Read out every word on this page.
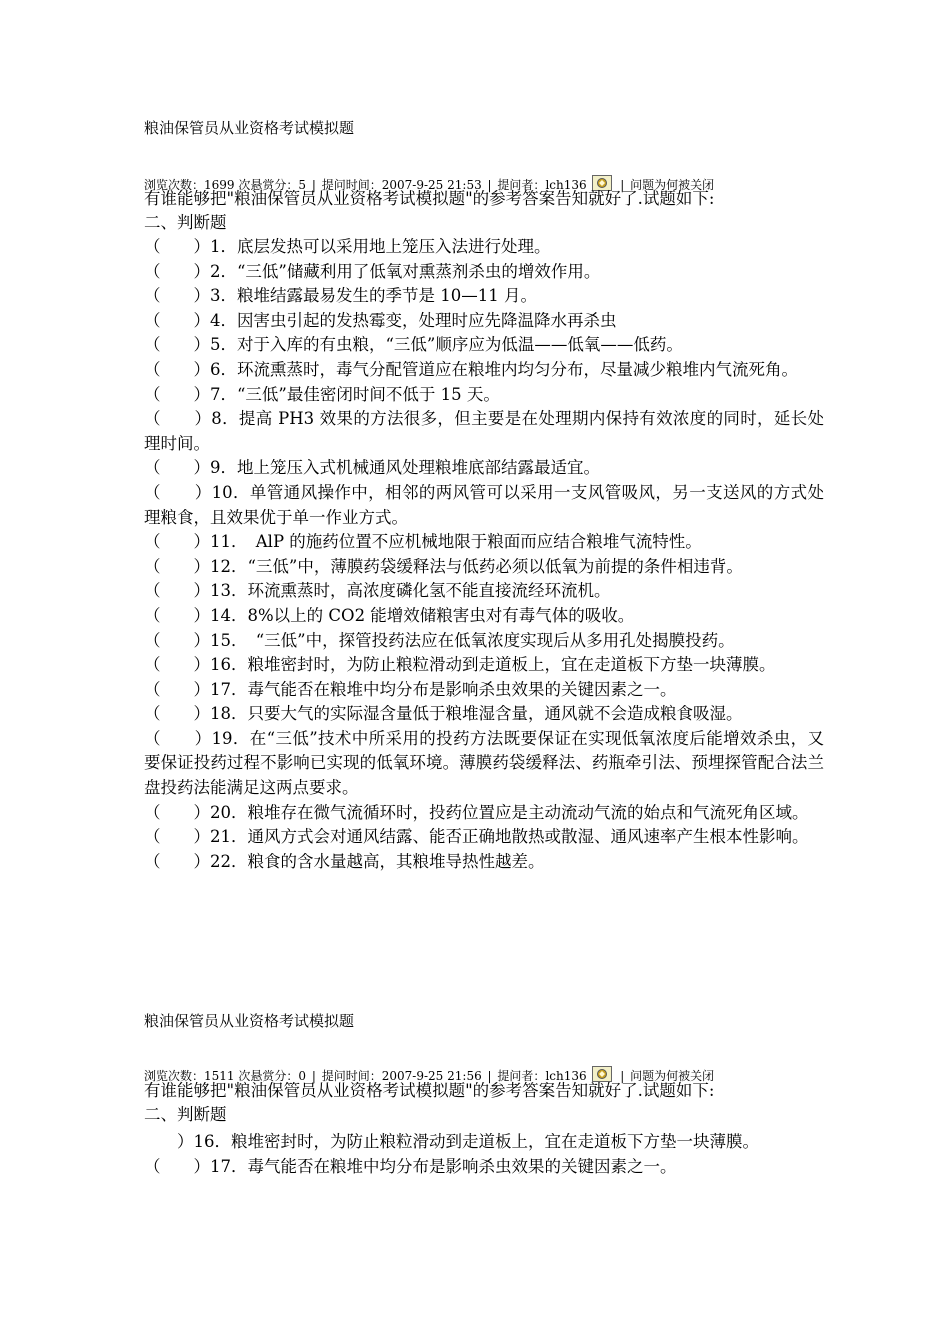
粮油保管员从业资格考试模拟题
浏览次数：1699 次悬赏分：5 | 提问时间：2007-9-25 21:53 | 提问者：lch136	| 问题为何被关闭
有谁能够把"粮油保管员从业资格考试模拟题"的参考答案告知就好了.试题如下:
二、判断题
（　　）1．底层发热可以采用地上笼压入法进行处理。
（　　）2．“三低”储藏利用了低氧对熏蒸剂杀虫的增效作用。
（　　）3．粮堆结露最易发生的季节是 10—11 月。
（　　）4．因害虫引起的发热霉变，处理时应先降温降水再杀虫
（　　）5．对于入库的有虫粮，“三低”顺序应为低温——低氧——低药。
（　　）6．环流熏蒸时，毒气分配管道应在粮堆内均匀分布，尽量减少粮堆内气流死角。
（　　）7．“三低”最佳密闭时间不低于 15 天。
（　　）8．提高 PH3 效果的方法很多，但主要是在处理期内保持有效浓度的同时，延长处理时间。
（　　）9．地上笼压入式机械通风处理粮堆底部结露最适宜。
（　　）10．单管通风操作中，相邻的两风管可以采用一支风管吸风，另一支送风的方式处理粮食，且效果优于单一作业方式。
（　　）11．　AlP 的施药位置不应机械地限于粮面而应结合粮堆气流特性。
（　　）12．“三低”中，薄膜药袋缓释法与低药必须以低氧为前提的条件相违背。
（　　）13．环流熏蒸时，高浓度磷化氢不能直接流经环流机。
（　　）14．8%以上的 CO2 能增效储粮害虫对有毒气体的吸收。
（　　）15．　“三低”中，探管投药法应在低氧浓度实现后从多用孔处揭膜投药。
（　　）16．粮堆密封时，为防止粮粒滑动到走道板上，宜在走道板下方垫一块薄膜。
（　　）17．毒气能否在粮堆中均分布是影响杀虫效果的关键因素之一。
（　　）18．只要大气的实际湿含量低于粮堆湿含量，通风就不会造成粮食吸湿。
（　　）19．在“三低”技术中所采用的投药方法既要保证在实现低氧浓度后能增效杀虫，又要保证投药过程不影响已实现的低氧环境。薄膜药袋缓释法、药瓶牵引法、预埋探管配合法兰盘投药法能满足这两点要求。
（　　）20．粮堆存在微气流循环时，投药位置应是主动流动气流的始点和气流死角区域。
（　　）21．通风方式会对通风结露、能否正确地散热或散湿、通风速率产生根本性影响。
（　　）22．粮食的含水量越高，其粮堆导热性越差。
粮油保管员从业资格考试模拟题
浏览次数：1511 次悬赏分：0 | 提问时间：2007-9-25 21:56 | 提问者：lch136	| 问题为何被关闭
有谁能够把"粮油保管员从业资格考试模拟题"的参考答案告知就好了.试题如下:
二、判断题
　　）16．粮堆密封时，为防止粮粒滑动到走道板上，宜在走道板下方垫一块薄膜。
（　　）17．毒气能否在粮堆中均分布是影响杀虫效果的关键因素之一。
